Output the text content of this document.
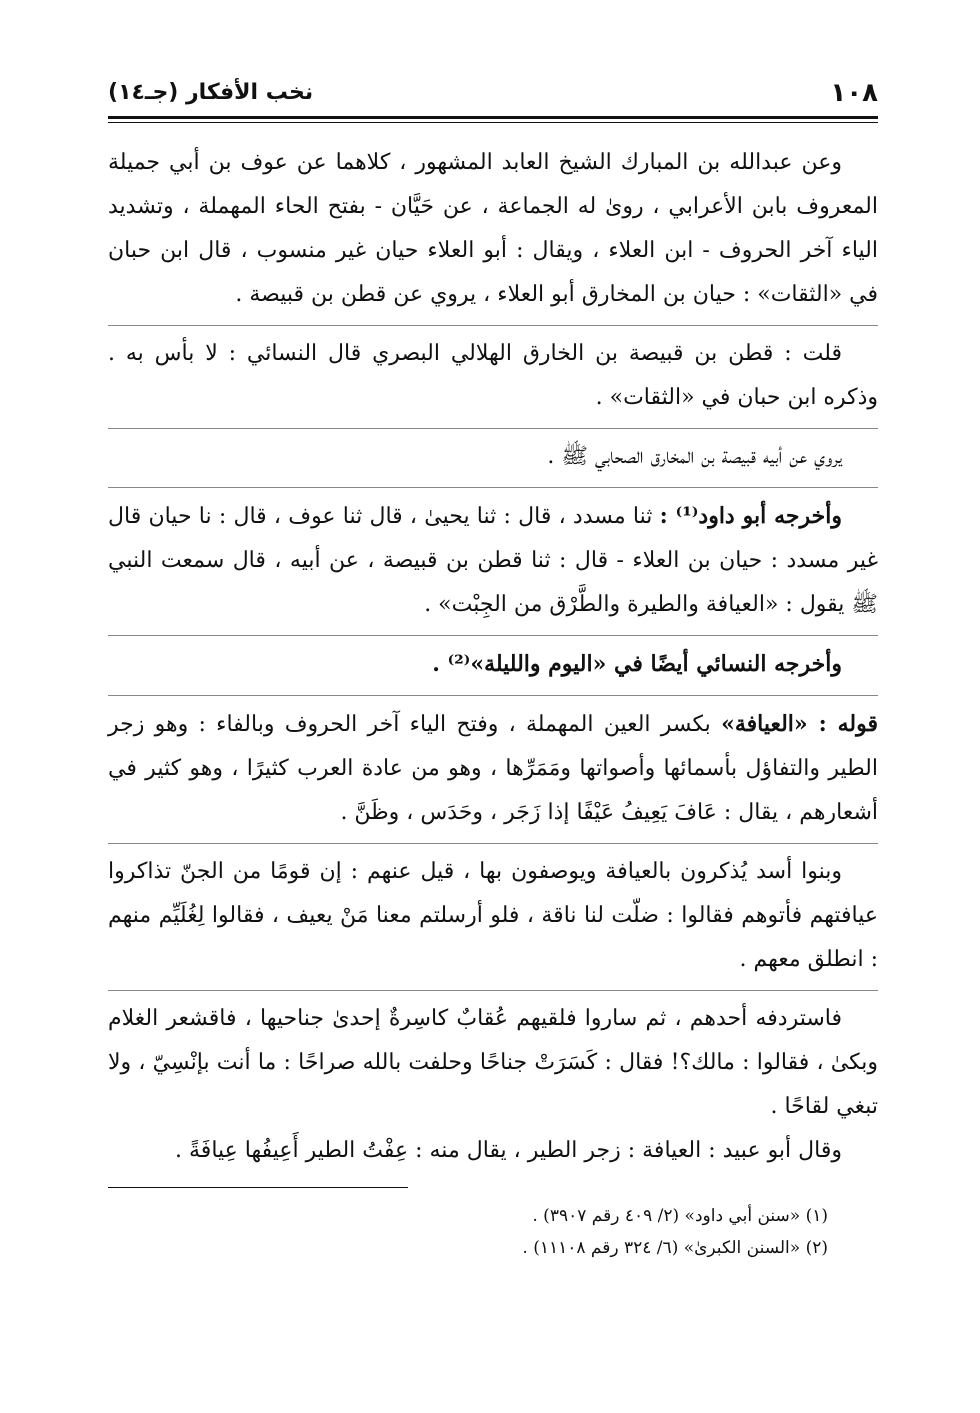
١٠٨
نخب الأفكار (جـ١٤)

وعن عبدالله بن المبارك الشيخ العابد المشهور ، كلاهما عن عوف بن أبي جميلة المعروف بابن الأعرابي ، روىٰ له الجماعة ، عن حَيَّان - بفتح الحاء المهملة ، وتشديد الياء آخر الحروف - ابن العلاء ، ويقال : أبو العلاء حيان غير منسوب ، قال ابن حبان في «الثقات» : حيان بن المخارق أبو العلاء ، يروي عن قطن بن قبيصة .

قلت : قطن بن قبيصة بن الخارق الهلالي البصري قال النسائي : لا بأس به . وذكره ابن حبان في «الثقات» .

يروي عن أبيه قبيصة بن المخارق الصحابي ﷺ .

وأخرجه أبو داود⁽¹⁾ : ثنا مسدد ، قال : ثنا يحيىٰ ، قال ثنا عوف ، قال : نا حيان قال غير مسدد : حيان بن العلاء - قال : ثنا قطن بن قبيصة ، عن أبيه ، قال سمعت النبي ﷺ يقول : «العيافة والطيرة والطَّرْق من الجِبْت» .

وأخرجه النسائي أيضًا في «اليوم والليلة»⁽²⁾ .

قوله : «العيافة» بكسر العين المهملة ، وفتح الياء آخر الحروف وبالفاء : وهو زجر الطير والتفاؤل بأسمائها وأصواتها ومَمَرِّها ، وهو من عادة العرب كثيرًا ، وهو كثير في أشعارهم ، يقال : عَافَ يَعِيفُ عَيْفًا إذا زَجَر ، وحَدَس ، وظَنَّ .

وبنوا أسد يُذكرون بالعيافة ويوصفون بها ، قيل عنهم : إن قومًا من الجنّ تذاكروا عيافتهم فأتوهم فقالوا : ضلّت لنا ناقة ، فلو أرسلتم معنا مَنْ يعيف ، فقالوا لِغُلَيِّم منهم : انطلق معهم .

فاستردفه أحدهم ، ثم ساروا فلقيهم عُقابٌ كاسِرةٌ إحدىٰ جناحيها ، فاقشعر الغلام وبكىٰ ، فقالوا : مالك؟! فقال : كَسَرَتْ جناحًا وحلفت بالله صراحًا : ما أنت بإنْسِيّ ، ولا تبغي لقاحًا .

وقال أبو عبيد : العيافة : زجر الطير ، يقال منه : عِفْتُ الطير أَعِيفُها عِيافَةً .

(١) «سنن أبي داود» (٢/ ٤٠٩ رقم ٣٩٠٧) .

(٢) «السنن الكبرىٰ» (٦/ ٣٢٤ رقم ١١١٠٨) .
